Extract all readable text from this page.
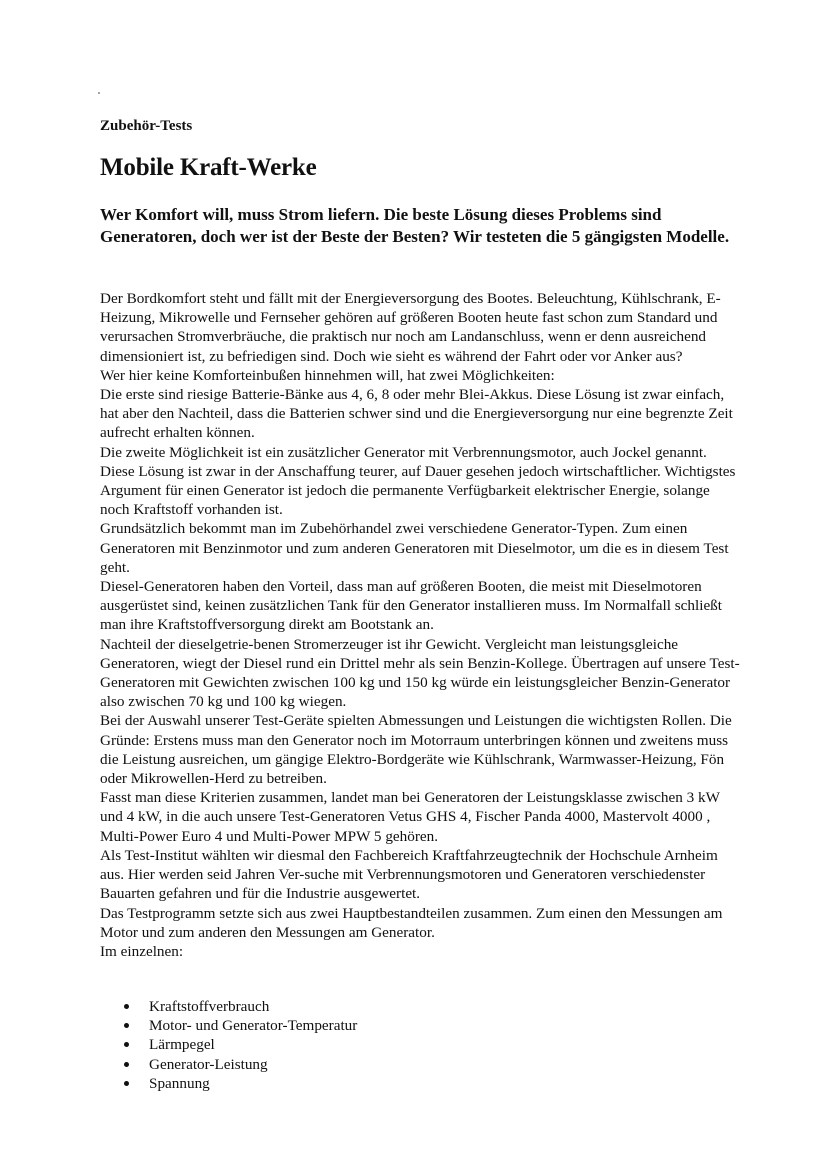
Zubehör-Tests

Mobile Kraft-Werke

Wer Komfort will, muss Strom liefern. Die beste Lösung dieses Problems sind Generatoren, doch wer ist der Beste der Besten? Wir testeten die 5 gängigsten Modelle.

Der Bordkomfort steht und fällt mit der Energieversorgung des Bootes. Beleuchtung, Kühlschrank, E-Heizung, Mikrowelle und Fernseher gehören auf größeren Booten heute fast schon zum Standard und verursachen Stromverbräuche, die praktisch nur noch am Landanschluss, wenn er denn ausreichend dimensioniert ist, zu befriedigen sind. Doch wie sieht es während der Fahrt oder vor Anker aus?

Wer hier keine Komforteinbußen hinnehmen will, hat zwei Möglichkeiten:

Die erste sind riesige Batterie-Bänke aus 4, 6, 8 oder mehr Blei-Akkus. Diese Lösung ist zwar einfach, hat aber den Nachteil, dass die Batterien schwer sind und die Energieversorgung nur eine begrenzte Zeit aufrecht erhalten können.

Die zweite Möglichkeit ist ein zusätzlicher Generator mit Verbrennungsmotor, auch Jockel genannt. Diese Lösung ist zwar in der Anschaffung teurer, auf Dauer gesehen jedoch wirtschaftlicher. Wichtigstes Argument für einen Generator ist jedoch die permanente Verfügbarkeit elektrischer Energie, solange noch Kraftstoff vorhanden ist.

Grundsätzlich bekommt man im Zubehörhandel zwei verschiedene Generator-Typen. Zum einen Generatoren mit Benzinmotor und zum anderen Generatoren mit Dieselmotor, um die es in diesem Test geht.

Diesel-Generatoren haben den Vorteil, dass man auf größeren Booten, die meist mit Dieselmotoren ausgerüstet sind, keinen zusätzlichen Tank für den Generator installieren muss. Im Normalfall schließt man ihre Kraftstoffversorgung direkt am Bootstank an.

Nachteil der dieselgetrie-benen Stromerzeuger ist ihr Gewicht. Vergleicht man leistungsgleiche Generatoren, wiegt der Diesel rund ein Drittel mehr als sein Benzin-Kollege. Übertragen auf unsere Test-Generatoren mit Gewichten zwischen 100 kg und 150 kg würde ein leistungsgleicher Benzin-Generator also zwischen 70 kg und 100 kg wiegen.

Bei der Auswahl unserer Test-Geräte spielten Abmessungen und Leistungen die wichtigsten Rollen. Die Gründe: Erstens muss man den Generator noch im Motorraum unterbringen können und zweitens muss die Leistung ausreichen, um gängige Elektro-Bordgeräte wie Kühlschrank, Warmwasser-Heizung, Fön oder Mikrowellen-Herd zu betreiben.

Fasst man diese Kriterien zusammen, landet man bei Generatoren der Leistungsklasse zwischen 3 kW und 4 kW, in die auch unsere Test-Generatoren Vetus GHS 4, Fischer Panda 4000, Mastervolt 4000 , Multi-Power Euro 4 und Multi-Power MPW 5 gehören.

Als Test-Institut wählten wir diesmal den Fachbereich Kraftfahrzeugtechnik der Hochschule Arnheim aus. Hier werden seid Jahren Ver-suche mit Verbrennungsmotoren und Generatoren verschiedenster Bauarten gefahren und für die Industrie ausgewertet.

Das Testprogramm setzte sich aus zwei Hauptbestandteilen zusammen. Zum einen den Messungen am Motor und zum anderen den Messungen am Generator.

Im einzelnen:

Kraftstoffverbrauch
Motor- und Generator-Temperatur
Lärmpegel
Generator-Leistung
Spannung
